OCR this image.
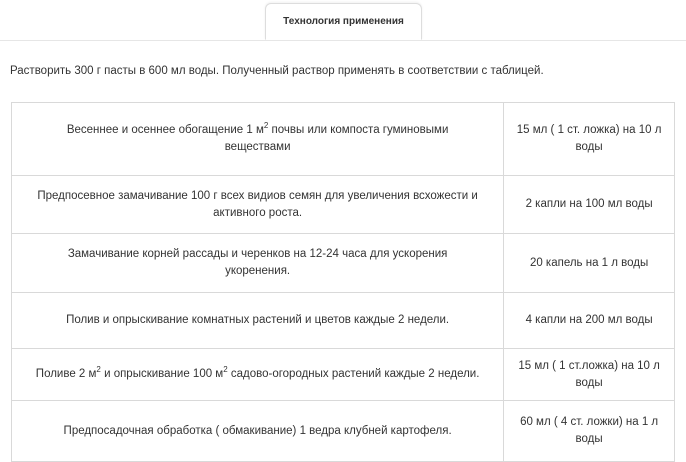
Технология применения
Растворить 300 г пасты в 600 мл воды. Полученный раствор применять в соответствии с таблицей.
Весеннее и осеннее обогащение 1 $м^2$ почвы или компоста гуминовыми веществами	15 мл ( 1 ст. ложка) на 10 л воды
Предпосевное замачивание 100 г всех видиов семян для увеличения всхожести и активного роста.	2 капли на 100 мл воды
Замачивание корней рассады и черенков на 12-24 часа для ускорения укоренения.	20 капель на 1 л воды
Полив и опрыскивание комнатных растений и цветов каждые 2 недели.	4 капли на 200 мл воды
Поливе 2 $м^2$ и опрыскивание 100 $м^2$ садово-огородных растений каждые 2 недели.	15 мл ( 1 ст.ложка) на 10 л воды
Предпосадочная обработка ( обмакивание) 1 ведра клубней картофеля.	60 мл ( 4 ст. ложки) на 1 л воды
